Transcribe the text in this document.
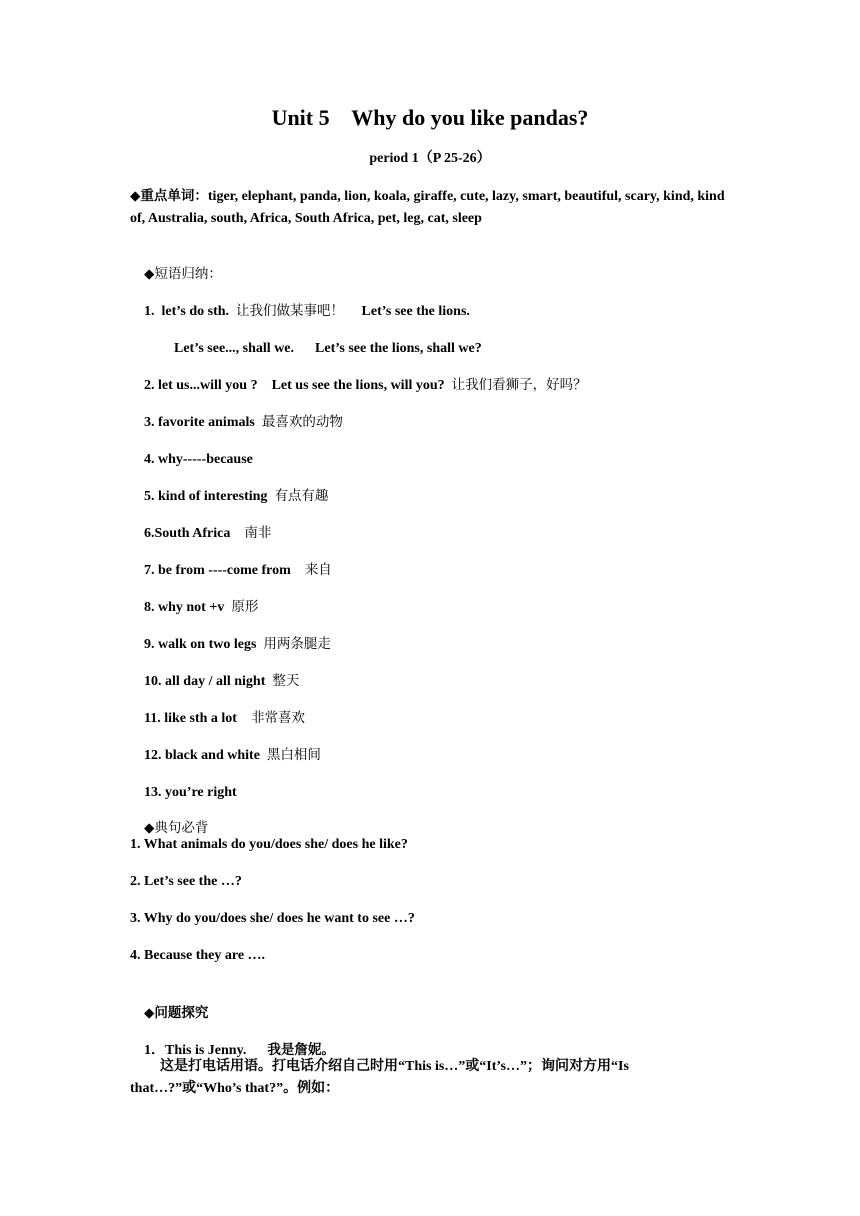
Unit 5    Why do you like pandas?
period 1（P 25-26）
◆重点单词：tiger, elephant, panda, lion, koala, giraffe, cute, lazy, smart, beautiful, scary, kind, kind of, Australia, south, Africa, South Africa, pet, leg, cat, sleep

◆短语归纳：

1.  let’s do sth.  让我们做某事吧！     Let’s see the lions.

Let’s see..., shall we.      Let’s see the lions, shall we?

2. let us...will you ?    Let us see the lions, will you?  让我们看狮子，好吗？

3. favorite animals  最喜欢的动物

4. why-----because

5. kind of interesting  有点有趣

6.South Africa    南非

7. be from ----come from    来自

8. why not +v  原形

9. walk on two legs  用两条腿走

10. all day / all night  整天

11. like sth a lot    非常喜欢

12. black and white  黑白相间

13. you’re right

◆典句必背

1. What animals do you/does she/ does he like?
2. Let’s see the …?
3. Why do you/does she/ does he want to see …?
4. Because they are ….

◆问题探究

1．This is Jenny.      我是詹妮。

这是打电话用语。打电话介绍自己时用“This is…”或“It’s…”；询问对方用“Is that…?”或“Who’s that?”。例如：
